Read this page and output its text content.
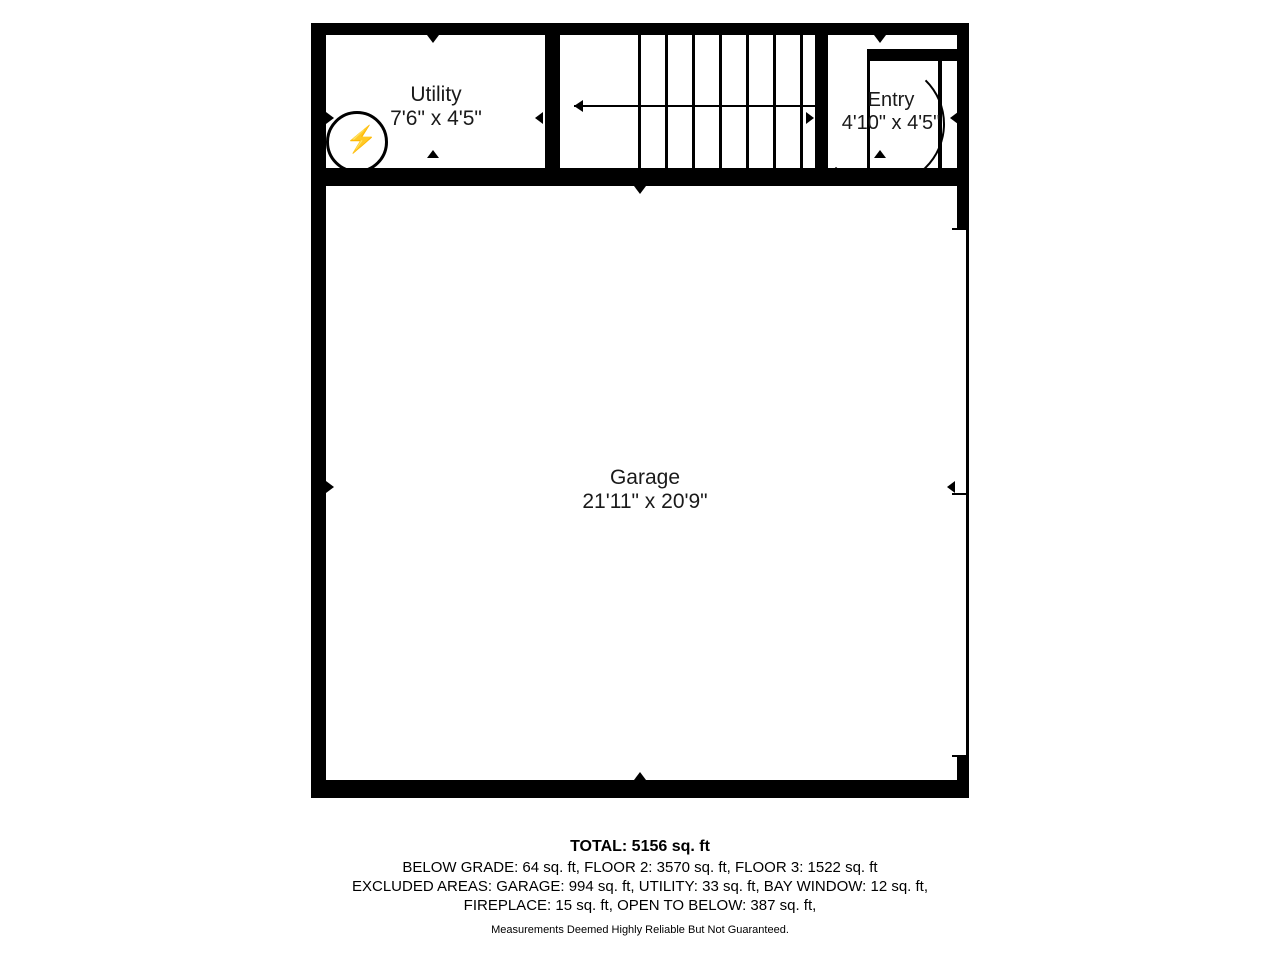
Utility
7'6" x 4'5"
⚡
Entry
4'10" x 4'5"
Garage
21'11" x 20'9"
TOTAL: 5156 sq. ft
BELOW GRADE: 64 sq. ft, FLOOR 2: 3570 sq. ft, FLOOR 3: 1522 sq. ft
EXCLUDED AREAS: GARAGE: 994 sq. ft, UTILITY: 33 sq. ft, BAY WINDOW: 12 sq. ft,
FIREPLACE: 15 sq. ft, OPEN TO BELOW: 387 sq. ft,
Measurements Deemed Highly Reliable But Not Guaranteed.
